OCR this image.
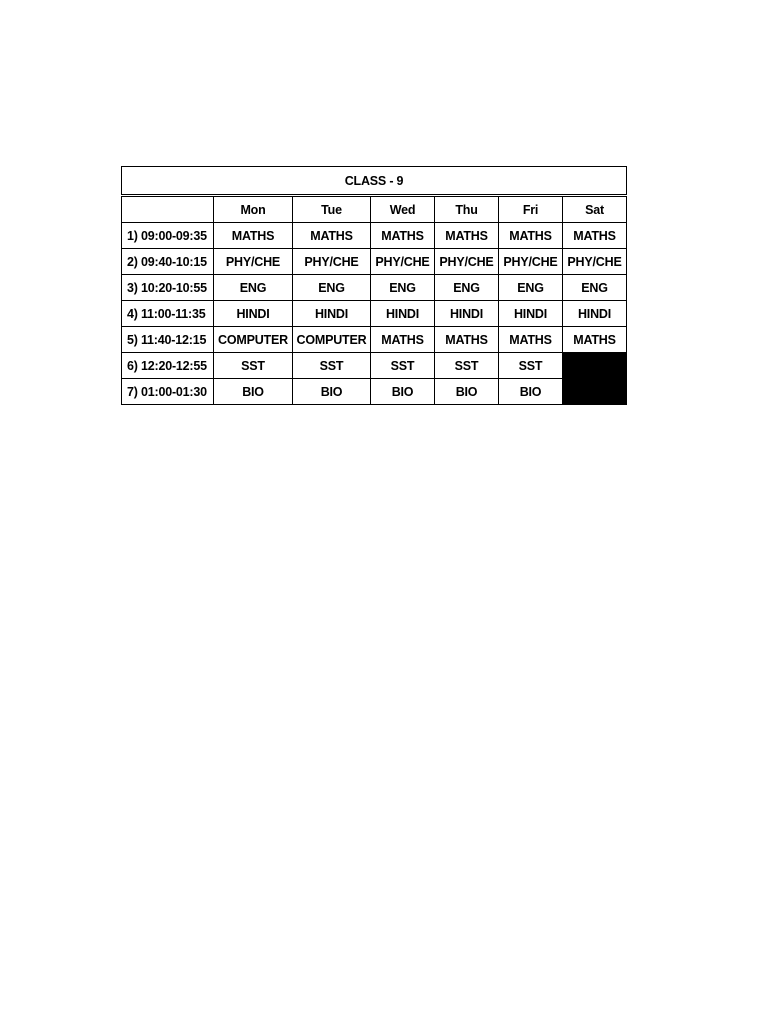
CLASS - 9						
	Mon	Tue	Wed	Thu	Fri	Sat
1) 09:00-09:35	MATHS	MATHS	MATHS	MATHS	MATHS	MATHS
2) 09:40-10:15	PHY/CHE	PHY/CHE	PHY/CHE	PHY/CHE	PHY/CHE	PHY/CHE
3) 10:20-10:55	ENG	ENG	ENG	ENG	ENG	ENG
4) 11:00-11:35	HINDI	HINDI	HINDI	HINDI	HINDI	HINDI
5) 11:40-12:15	COMPUTER	COMPUTER	MATHS	MATHS	MATHS	MATHS
6) 12:20-12:55	SST	SST	SST	SST	SST	
7) 01:00-01:30	BIO	BIO	BIO	BIO	BIO	
